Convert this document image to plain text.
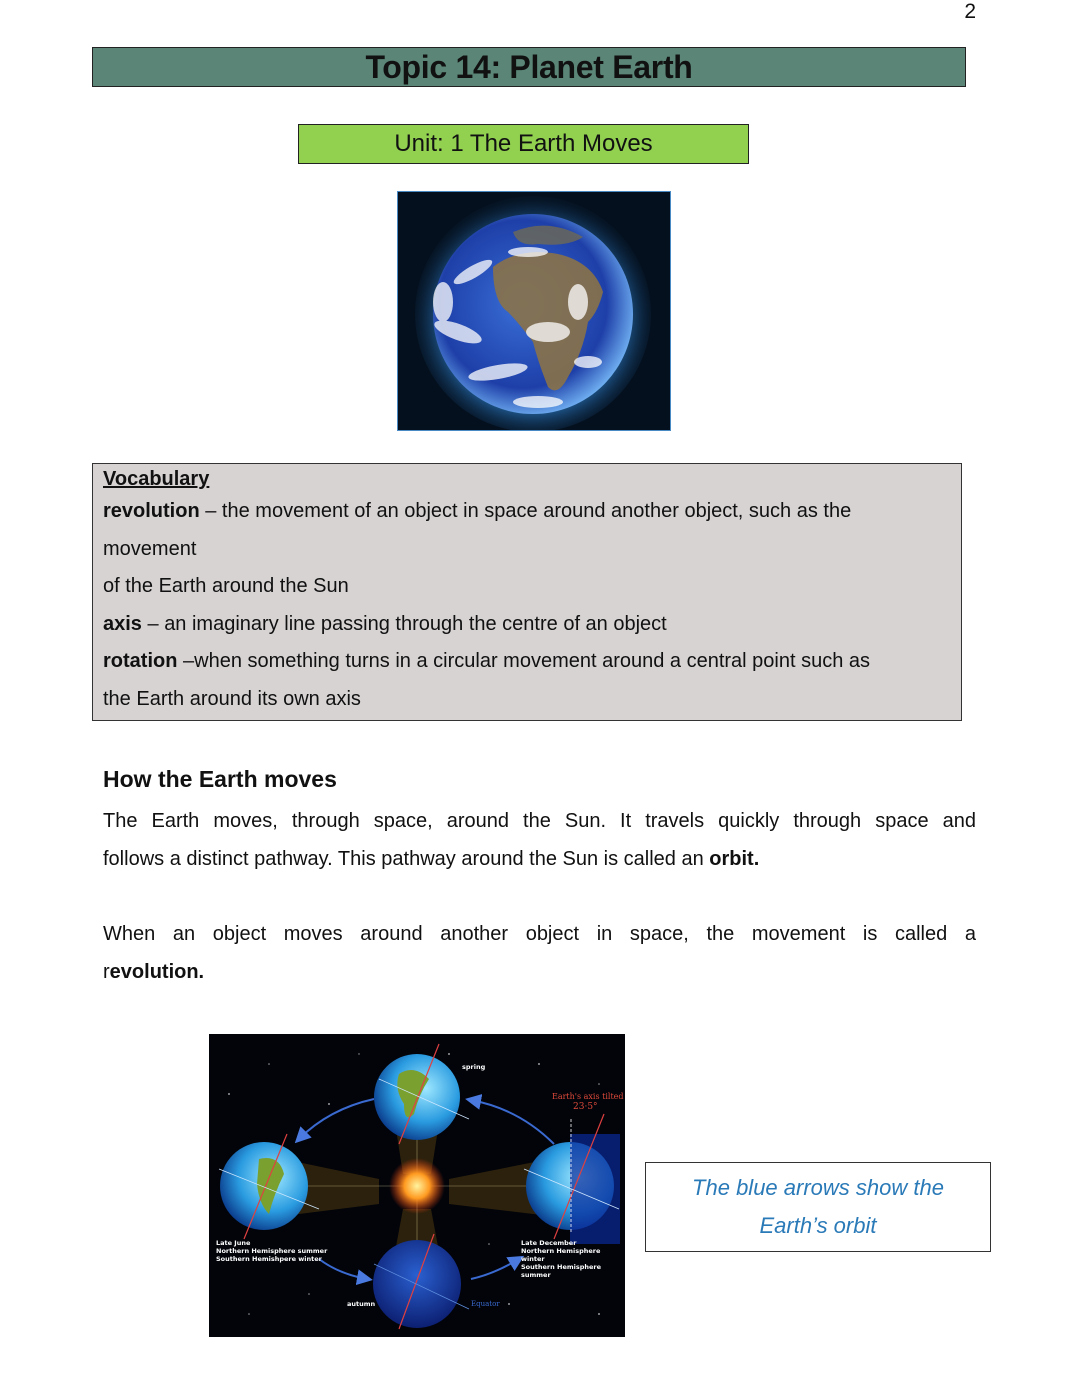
2
Topic 14: Planet Earth
Unit: 1 The Earth Moves
Vocabulary
revolution – the movement of an object in space around another object, such as the
movement
of the Earth around the Sun
axis – an imaginary line passing through the centre of an object
rotation –when something turns in a circular movement around a central point such as
the Earth around its own axis
How the Earth moves
The Earth moves, through space, around the Sun. It travels quickly through space and
follows a distinct pathway. This pathway around the Sun is called an orbit.
When an object moves around another object in space, the movement is called a
revolution.
spring
Earth's axis tilted
23·5°
Late June
Northern Hemisphere summer
Southern Hemishpere winter
Late December
Northern Hemisphere winter
Southern Hemisphere summer
autumn	Equator
The blue arrows show the
Earth’s orbit
